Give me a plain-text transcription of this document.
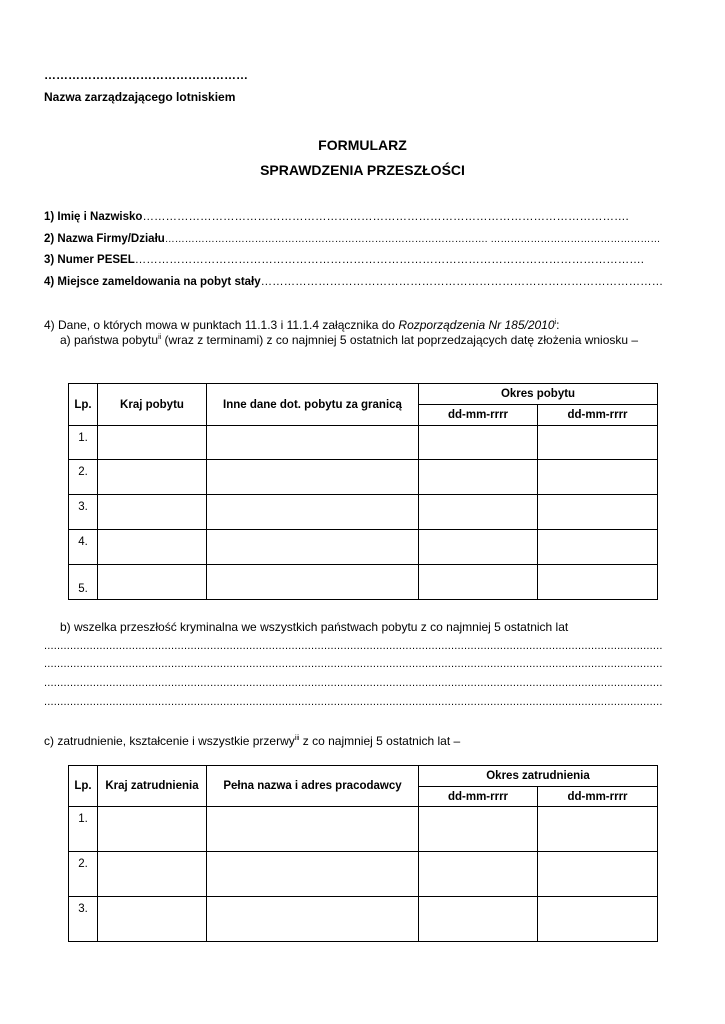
……………………………………………
Nazwa zarządzającego lotniskiem
FORMULARZ
SPRAWDZENIA PRZESZŁOŚCI
1) Imię i Nazwisko……………………………………………………………………………………………………………….
2) Nazwa Firmy/Działu……………………………………………………………………………………. ……………………………………………
3) Numer PESEL…………………………………………………………………………………………………………………….
4) Miejsce zameldowania na pobyt stały……………………………………………………………………………………………
4) Dane, o których mowa w punktach 11.1.3 i 11.1.4 załącznika do Rozporządzenia Nr 185/2010$^i$:
a) państwa pobytu$^{ii}$ (wraz z terminami) z co najmniej 5 ostatnich lat poprzedzających datę złożenia wniosku –
Lp.	Kraj pobytu	Inne dane dot. pobytu za granicą	Okres pobytu	
			dd-mm-rrrr	dd-mm-rrrr
1.				
2.				
3.				
4.				
5.				
b) wszelka przeszłość kryminalna we wszystkich państwach pobytu z co najmniej 5 ostatnich lat
..............................................................................................................................................................................................
..............................................................................................................................................................................................
..............................................................................................................................................................................................
..............................................................................................................................................................................................
c) zatrudnienie, kształcenie i wszystkie przerwy$^{iii}$ z co najmniej 5 ostatnich lat –
Lp.	Kraj zatrudnienia	Pełna nazwa i adres pracodawcy	Okres zatrudnienia	
			dd-mm-rrrr	dd-mm-rrrr
1.				
2.				
3.				
